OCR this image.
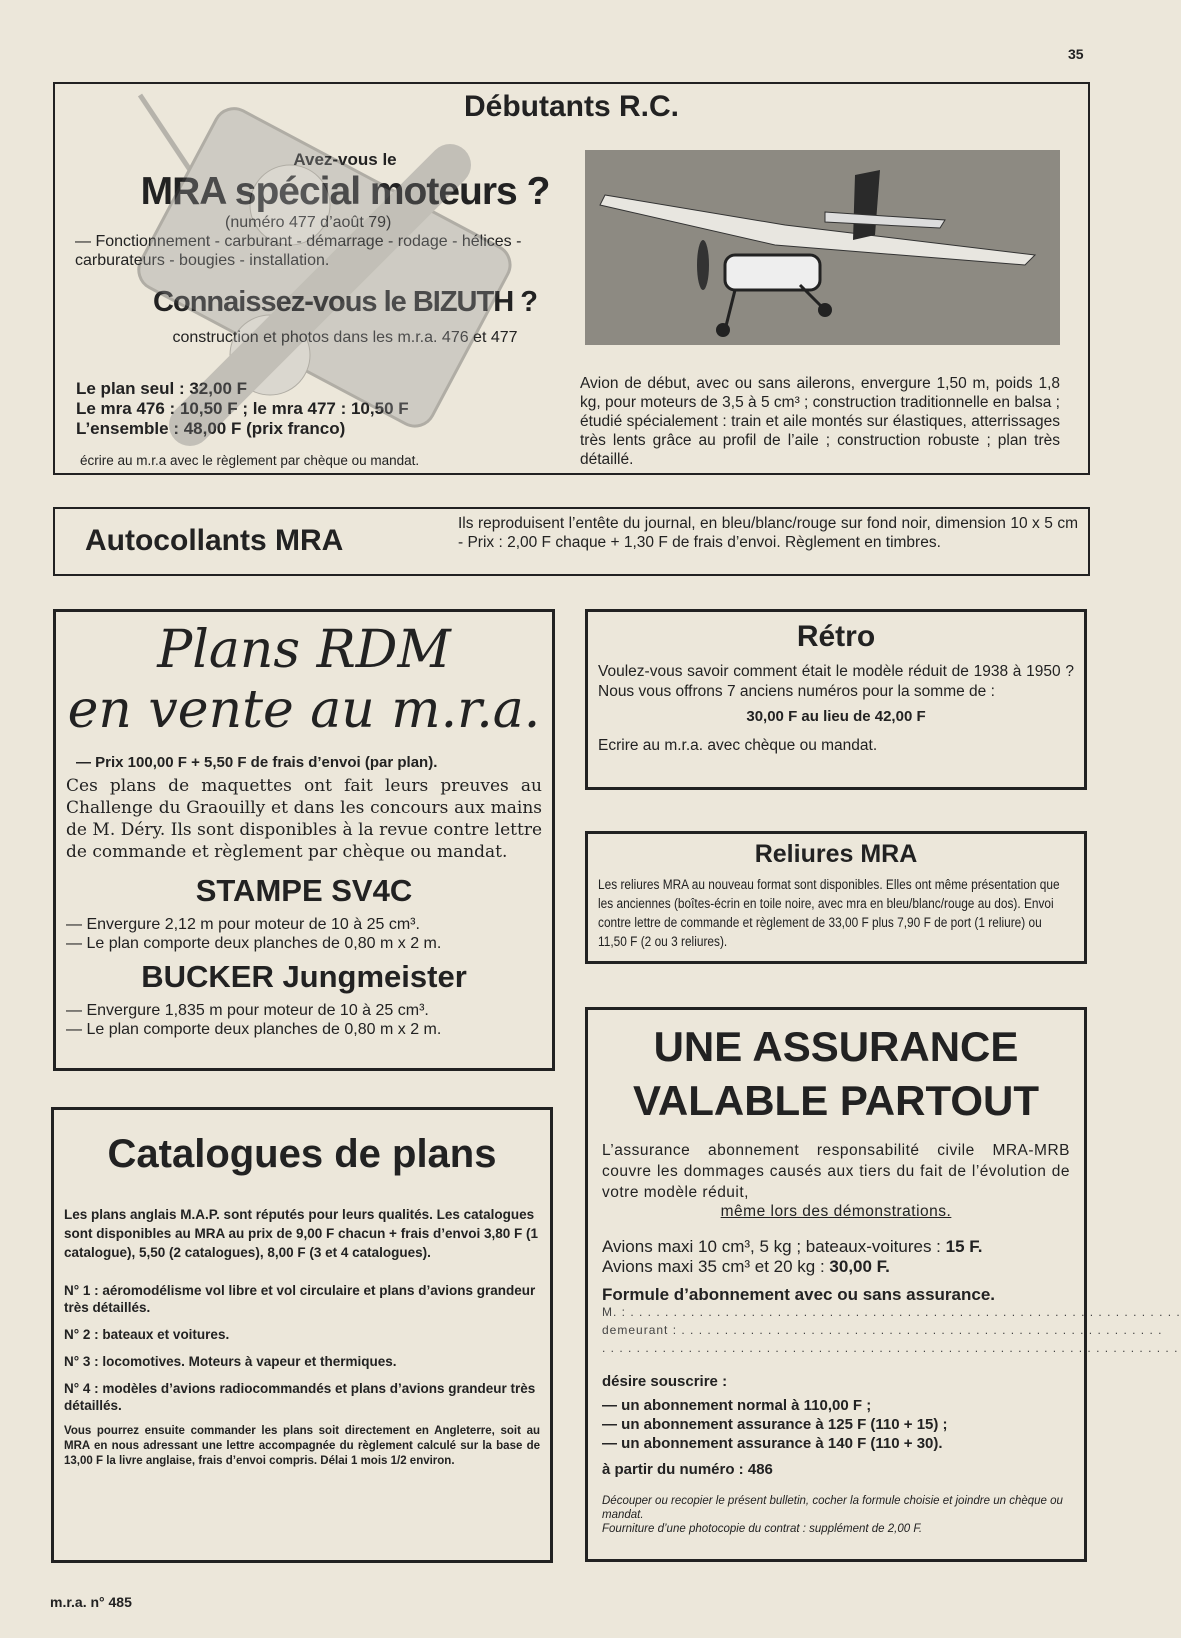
35
Débutants R.C.
Avez-vous le
MRA spécial moteurs ?
(numéro 477 d’août 79)
— Fonctionnement - carburant - démarrage - rodage - hélices - carburateurs - bougies - installation.
Connaissez-vous le BIZUTH ?
construction et photos dans les m.r.a. 476 et 477
Le plan seul : 32,00 F
Le mra 476 : 10,50 F ; le mra 477 : 10,50 F
L’ensemble : 48,00 F (prix franco)
écrire au m.r.a avec le règlement par chèque ou mandat.
Avion de début, avec ou sans ailerons, envergure 1,50 m, poids 1,8 kg, pour moteurs de 3,5 à 5 cm³ ; construction traditionnelle en balsa ; étudié spécialement : train et aile montés sur élastiques, atterrissages très lents grâce au profil de l’aile ; construction robuste ; plan très détaillé.
Autocollants MRA
Ils reproduisent l’entête du journal, en bleu/blanc/rouge sur fond noir, dimension 10 x 5 cm - Prix : 2,00 F chaque + 1,30 F de frais d’envoi. Règlement en timbres.
Plans RDM
en vente au m.r.a.
— Prix 100,00 F + 5,50 F de frais d’envoi (par plan).
Ces plans de maquettes ont fait leurs preuves au Challenge du Graouilly et dans les concours aux mains de M. Déry. Ils sont disponibles à la revue contre lettre de commande et règlement par chèque ou mandat.
STAMPE SV4C
— Envergure 2,12 m pour moteur de 10 à 25 cm³.
— Le plan comporte deux planches de 0,80 m x 2 m.
BUCKER Jungmeister
— Envergure 1,835 m pour moteur de 10 à 25 cm³.
— Le plan comporte deux planches de 0,80 m x 2 m.
Rétro
Voulez-vous savoir comment était le modèle réduit de 1938 à 1950 ? Nous vous offrons 7 anciens numéros pour la somme de :
30,00 F au lieu de 42,00 F
Ecrire au m.r.a. avec chèque ou mandat.
Reliures MRA
Les reliures MRA au nouveau format sont disponibles. Elles ont même présentation que les anciennes (boîtes-écrin en toile noire, avec mra en bleu/blanc/rouge au dos). Envoi contre lettre de commande et règlement de 33,00 F plus 7,90 F de port (1 reliure) ou 11,50 F (2 ou 3 reliures).
UNE ASSURANCE
VALABLE PARTOUT
L’assurance abonnement responsabilité civile MRA-MRB couvre les dommages causés aux tiers du fait de l’évolution de votre modèle réduit,
même lors des démonstrations.
Avions maxi 10 cm³, 5 kg ; bateaux-voitures : 15 F.
Avions maxi 35 cm³ et 20 kg : 30,00 F.
Formule d’abonnement avec ou sans assurance.
M. : . . . . . . . . . . . . . . . . . . . . . . . . . . . . . . . . . . . . . . . . . . . . . . . . . . . . . . . . . . . . . . . .
demeurant : . . . . . . . . . . . . . . . . . . . . . . . . . . . . . . . . . . . . . . . . . . . . . . . . . . . . . . . .
. . . . . . . . . . . . . . . . . . . . . . . . . . . . . . . . . . . . . . . . . . . . . . . . . . . . . . . . . . . . . . . . . . .
désire souscrire :
— un abonnement normal à 110,00 F ;
— un abonnement assurance à 125 F (110 + 15) ;
— un abonnement assurance à 140 F (110 + 30).
à partir du numéro : 486
Découper ou recopier le présent bulletin, cocher la formule choisie et joindre un chèque ou mandat.
Fourniture d’une photocopie du contrat : supplément de 2,00 F.
Catalogues de plans
Les plans anglais M.A.P. sont réputés pour leurs qualités. Les catalogues sont disponibles au MRA au prix de 9,00 F chacun + frais d’envoi 3,80 F (1 catalogue), 5,50 (2 catalogues), 8,00 F (3 et 4 catalogues).
N° 1 : aéromodélisme vol libre et vol circulaire et plans d’avions grandeur très détaillés.
N° 2 : bateaux et voitures.
N° 3 : locomotives. Moteurs à vapeur et thermiques.
N° 4 : modèles d’avions radiocommandés et plans d’avions grandeur très détaillés.
Vous pourrez ensuite commander les plans soit directement en Angleterre, soit au MRA en nous adressant une lettre accompagnée du règlement calculé sur la base de 13,00 F la livre anglaise, frais d’envoi compris. Délai 1 mois 1/2 environ.
m.r.a. n° 485
